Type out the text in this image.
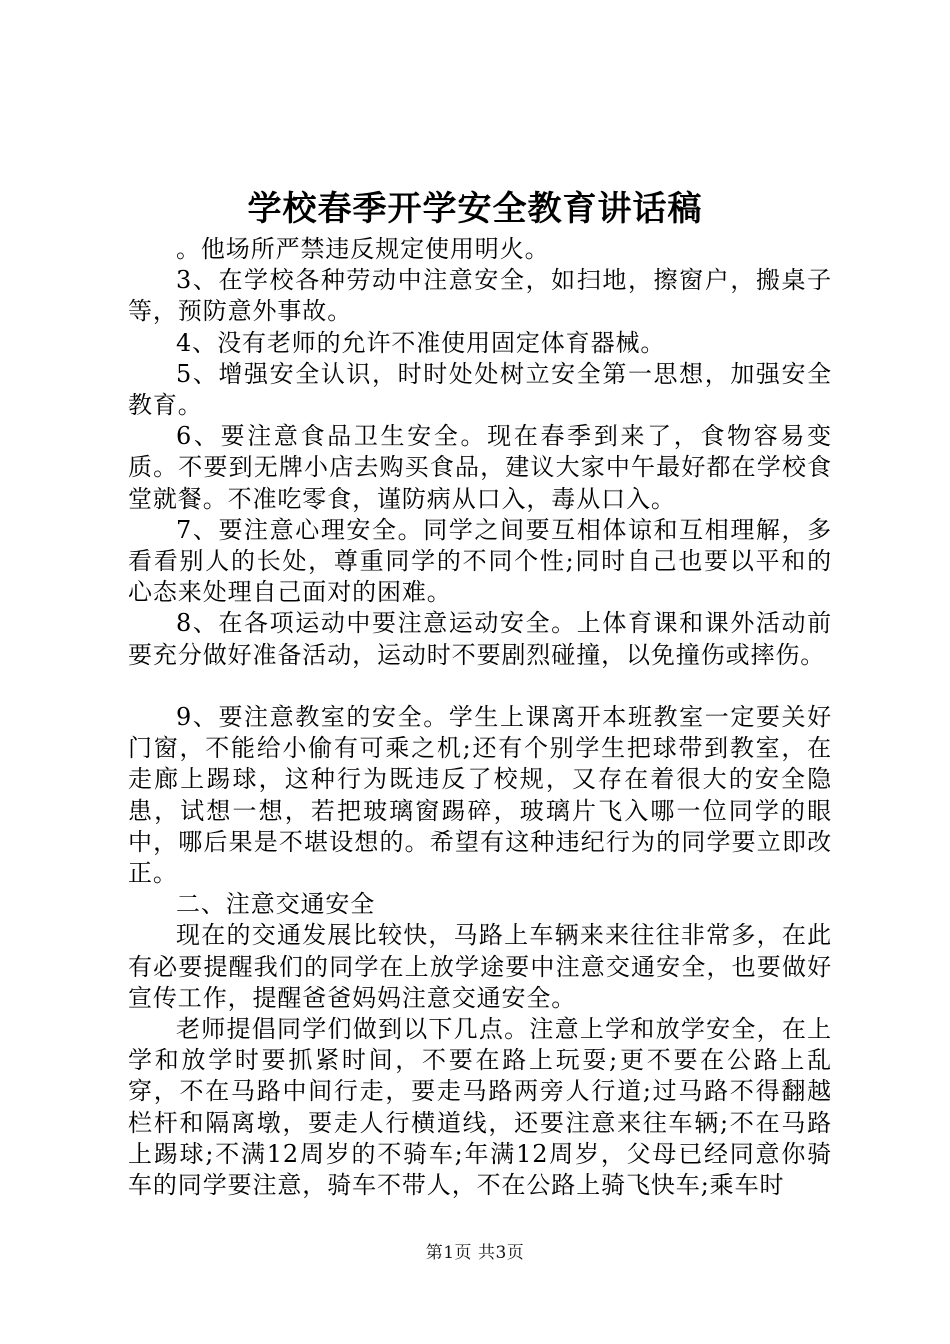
学校春季开学安全教育讲话稿

。他场所严禁违反规定使用明火。

3、在学校各种劳动中注意安全，如扫地，擦窗户，搬桌子等，预防意外事故。

4、没有老师的允许不准使用固定体育器械。

5、增强安全认识，时时处处树立安全第一思想，加强安全教育。

6、要注意食品卫生安全。现在春季到来了，食物容易变质。不要到无牌小店去购买食品，建议大家中午最好都在学校食堂就餐。不准吃零食，谨防病从口入，毒从口入。

7、要注意心理安全。同学之间要互相体谅和互相理解，多看看别人的长处，尊重同学的不同个性;同时自己也要以平和的心态来处理自己面对的困难。

8、在各项运动中要注意运动安全。上体育课和课外活动前要充分做好准备活动，运动时不要剧烈碰撞，以免撞伤或摔伤。

9、要注意教室的安全。学生上课离开本班教室一定要关好门窗，不能给小偷有可乘之机;还有个别学生把球带到教室，在走廊上踢球，这种行为既违反了校规，又存在着很大的安全隐患，试想一想，若把玻璃窗踢碎，玻璃片飞入哪一位同学的眼中，哪后果是不堪设想的。希望有这种违纪行为的同学要立即改正。

二、注意交通安全

现在的交通发展比较快，马路上车辆来来往往非常多，在此有必要提醒我们的同学在上放学途要中注意交通安全，也要做好宣传工作，提醒爸爸妈妈注意交通安全。

老师提倡同学们做到以下几点。注意上学和放学安全，在上学和放学时要抓紧时间，不要在路上玩耍;更不要在公路上乱穿，不在马路中间行走，要走马路两旁人行道;过马路不得翻越栏杆和隔离墩，要走人行横道线，还要注意来往车辆;不在马路上踢球;不满12周岁的不骑车;年满12周岁，父母已经同意你骑车的同学要注意，骑车不带人，不在公路上骑飞快车;乘车时

第1页 共3页
